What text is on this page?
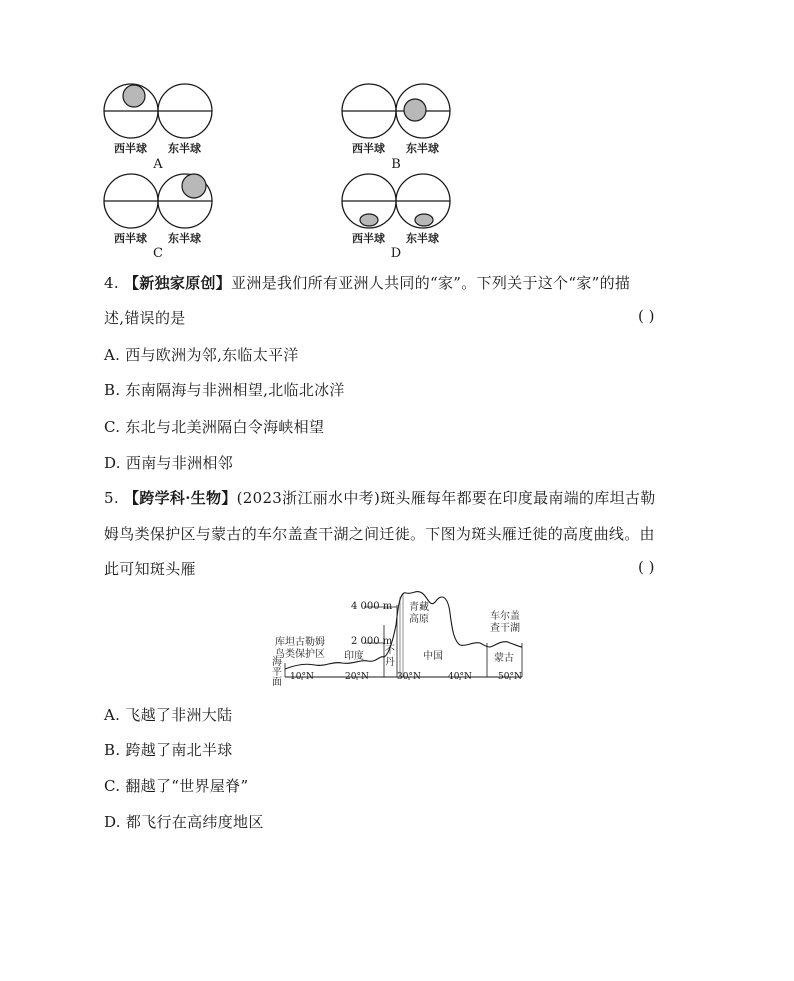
西半球 东半球
A
西半球 东半球
B
西半球 东半球
C
西半球 东半球
D
4. 【新独家原创】亚洲是我们所有亚洲人共同的“家”。下列关于这个“家”的描
述,错误的是	( )
A. 西与欧洲为邻,东临太平洋
B. 东南隔海与非洲相望,北临北冰洋
C. 东北与北美洲隔白令海峡相望
D. 西南与非洲相邻
5. 【跨学科·生物】(2023浙江丽水中考)斑头雁每年都要在印度最南端的库坦古勒
姆鸟类保护区与蒙古的车尔盖查干湖之间迁徙。下图为斑头雁迁徙的高度曲线。由
此可知斑头雁	( )
4 000 m
2 000 m
库坦古勒姆
鸟类保护区
海
平
面
印度
不
丹
青藏
高原
中国
车尔盖
查干湖
蒙古
10°N	20°N	30°N	40°N	50°N
A. 飞越了非洲大陆
B. 跨越了南北半球
C. 翻越了“世界屋脊”
D. 都飞行在高纬度地区
